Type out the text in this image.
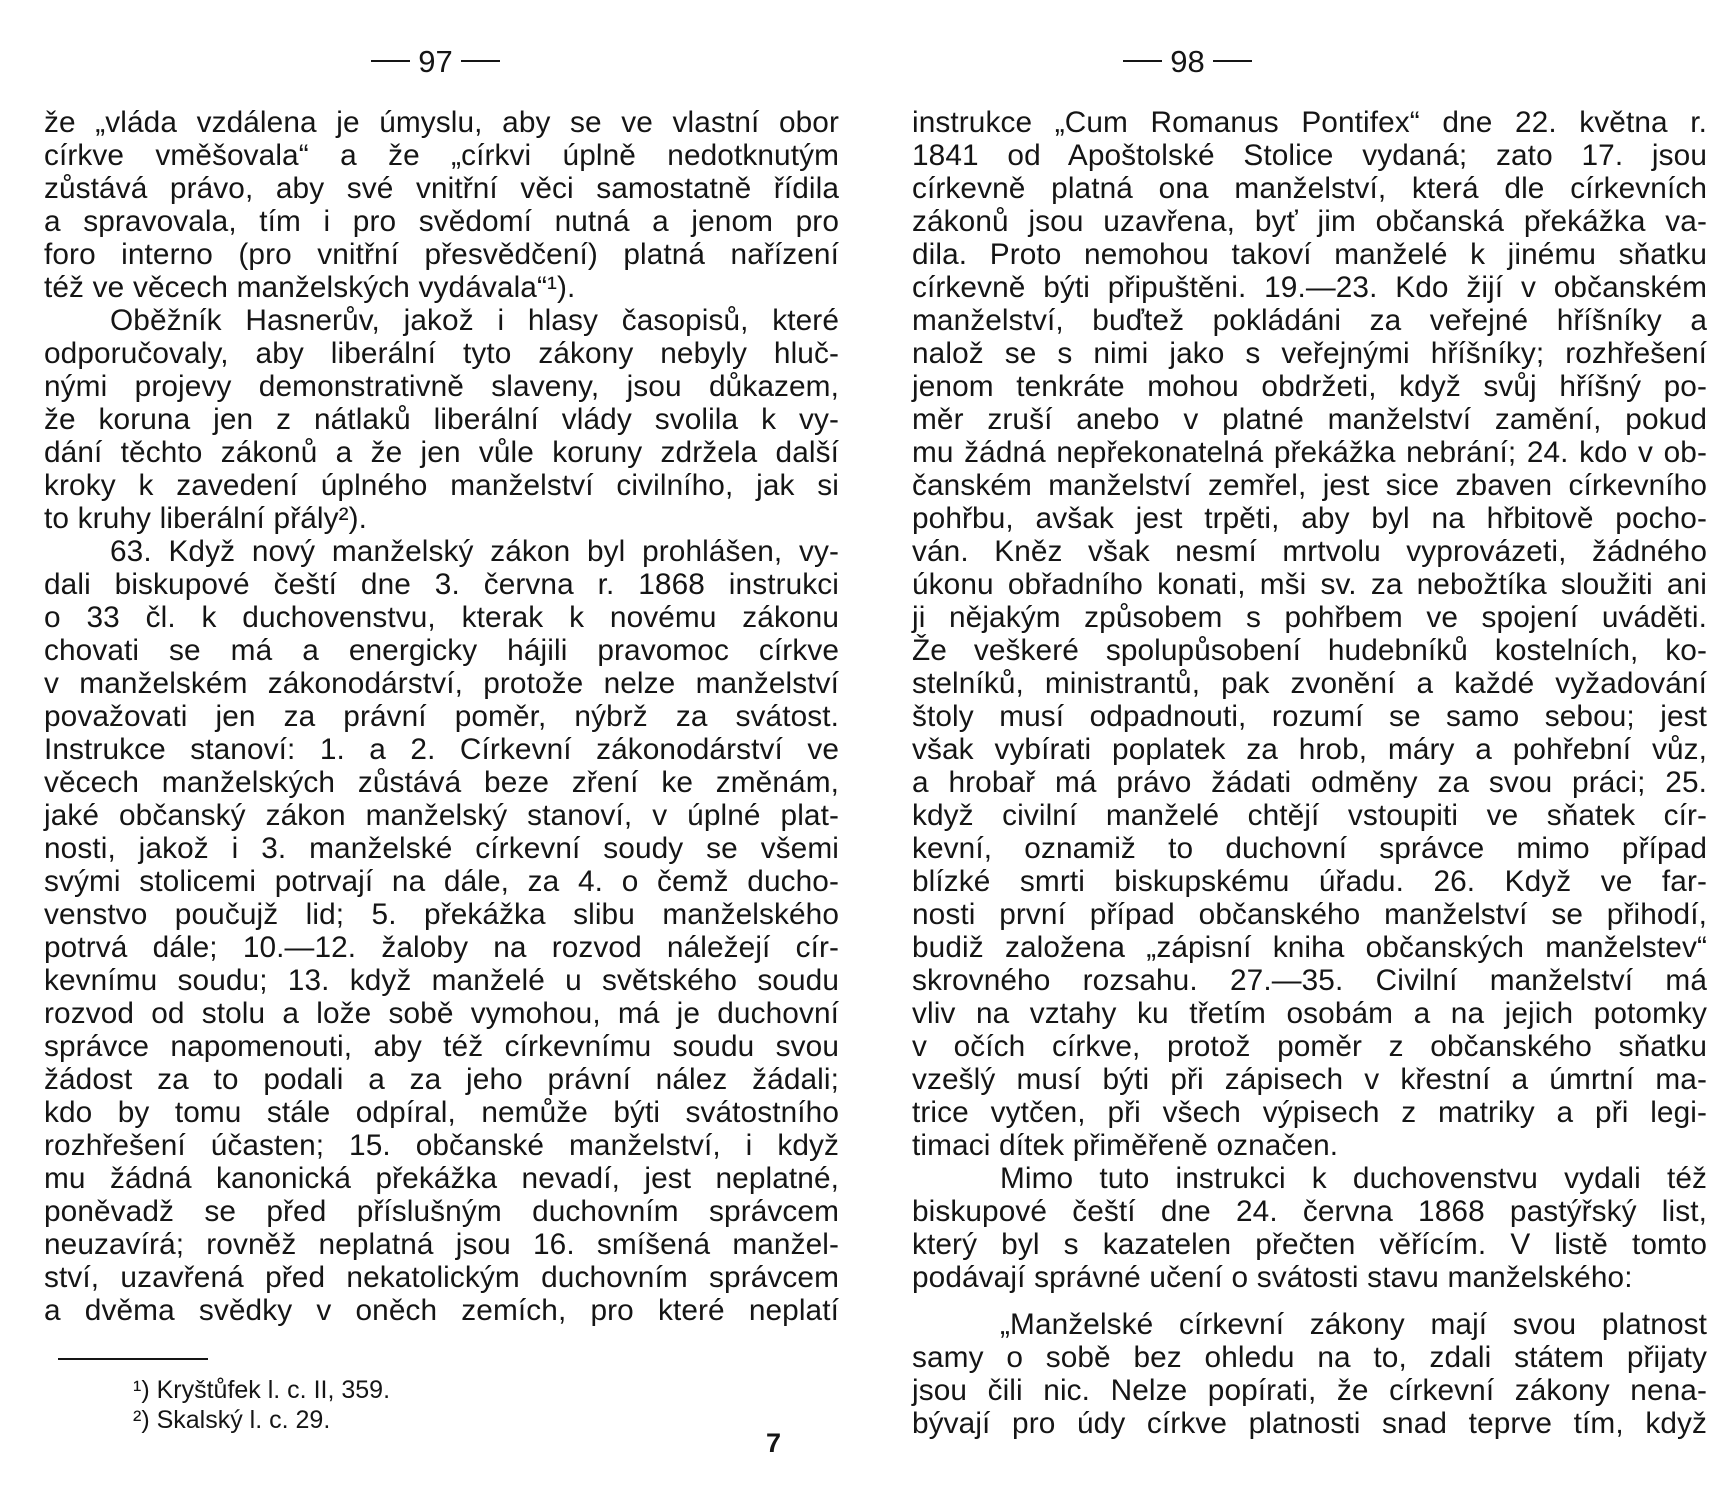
97
že „vláda vzdálena je úmyslu, aby se ve vlastní obor
církve vměšovala“ a že „církvi úplně nedotknutým
zůstává právo, aby své vnitřní věci samostatně řídila
a spravovala, tím i pro svědomí nutná a jenom pro
foro interno (pro vnitřní přesvědčení) platná nařízení
též ve věcech manželských vydávala“¹).
Oběžník Hasnerův, jakož i hlasy časopisů, které
odporučovaly, aby liberální tyto zákony nebyly hluč-
nými projevy demonstrativně slaveny, jsou důkazem,
že koruna jen z nátlaků liberální vlády svolila k vy-
dání těchto zákonů a že jen vůle koruny zdržela další
kroky k zavedení úplného manželství civilního, jak si
to kruhy liberální přály²).
63. Když nový manželský zákon byl prohlášen, vy-
dali biskupové čeští dne 3. června r. 1868 instrukci
o 33 čl. k duchovenstvu, kterak k novému zákonu
chovati se má a energicky hájili pravomoc církve
v manželském zákonodárství, protože nelze manželství
považovati jen za právní poměr, nýbrž za svátost.
Instrukce stanoví: 1. a 2. Církevní zákonodárství ve
věcech manželských zůstává beze zření ke změnám,
jaké občanský zákon manželský stanoví, v úplné plat-
nosti, jakož i 3. manželské církevní soudy se všemi
svými stolicemi potrvají na dále, za 4. o čemž ducho-
venstvo poučujž lid; 5. překážka slibu manželského
potrvá dále; 10.—12. žaloby na rozvod náležejí cír-
kevnímu soudu; 13. když manželé u světského soudu
rozvod od stolu a lože sobě vymohou, má je duchovní
správce napomenouti, aby též církevnímu soudu svou
žádost za to podali a za jeho právní nález žádali;
kdo by tomu stále odpíral, nemůže býti svátostního
rozhřešení účasten; 15. občanské manželství, i když
mu žádná kanonická překážka nevadí, jest neplatné,
poněvadž se před příslušným duchovním správcem
neuzavírá; rovněž neplatná jsou 16. smíšená manžel-
ství, uzavřená před nekatolickým duchovním správcem
a dvěma svědky v oněch zemích, pro které neplatí
¹) Kryštůfek l. c. II, 359.
²) Skalský l. c. 29.
7
98
instrukce „Cum Romanus Pontifex“ dne 22. května r.
1841 od Apoštolské Stolice vydaná; zato 17. jsou
církevně platná ona manželství, která dle církevních
zákonů jsou uzavřena, byť jim občanská překážka va-
dila. Proto nemohou takoví manželé k jinému sňatku
církevně býti připuštěni. 19.—23. Kdo žijí v občanském
manželství, buďtež pokládáni za veřejné hříšníky a
nalož se s nimi jako s veřejnými hříšníky; rozhřešení
jenom tenkráte mohou obdržeti, když svůj hříšný po-
měr zruší anebo v platné manželství zamění, pokud
mu žádná nepřekonatelná překážka nebrání; 24. kdo v ob-
čanském manželství zemřel, jest sice zbaven církevního
pohřbu, avšak jest trpěti, aby byl na hřbitově pocho-
ván. Kněz však nesmí mrtvolu vyprovázeti, žádného
úkonu obřadního konati, mši sv. za nebožtíka sloužiti ani
ji nějakým způsobem s pohřbem ve spojení uváděti.
Že veškeré spolupůsobení hudebníků kostelních, ko-
stelníků, ministrantů, pak zvonění a každé vyžadování
štoly musí odpadnouti, rozumí se samo sebou; jest
však vybírati poplatek za hrob, máry a pohřební vůz,
a hrobař má právo žádati odměny za svou práci; 25.
když civilní manželé chtějí vstoupiti ve sňatek cír-
kevní, oznamiž to duchovní správce mimo případ
blízké smrti biskupskému úřadu. 26. Když ve far-
nosti první případ občanského manželství se přihodí,
budiž založena „zápisní kniha občanských manželstev“
skrovného rozsahu. 27.—35. Civilní manželství má
vliv na vztahy ku třetím osobám a na jejich potomky
v očích církve, protož poměr z občanského sňatku
vzešlý musí býti při zápisech v křestní a úmrtní ma-
trice vytčen, při všech výpisech z matriky a při legi-
timaci dítek přiměřeně označen.
Mimo tuto instrukci k duchovenstvu vydali též
biskupové čeští dne 24. června 1868 pastýřský list,
který byl s kazatelen přečten věřícím. V listě tomto
podávají správné učení o svátosti stavu manželského:
„Manželské církevní zákony mají svou platnost
samy o sobě bez ohledu na to, zdali státem přijaty
jsou čili nic. Nelze popírati, že církevní zákony nena-
bývají pro údy církve platnosti snad teprve tím, když
